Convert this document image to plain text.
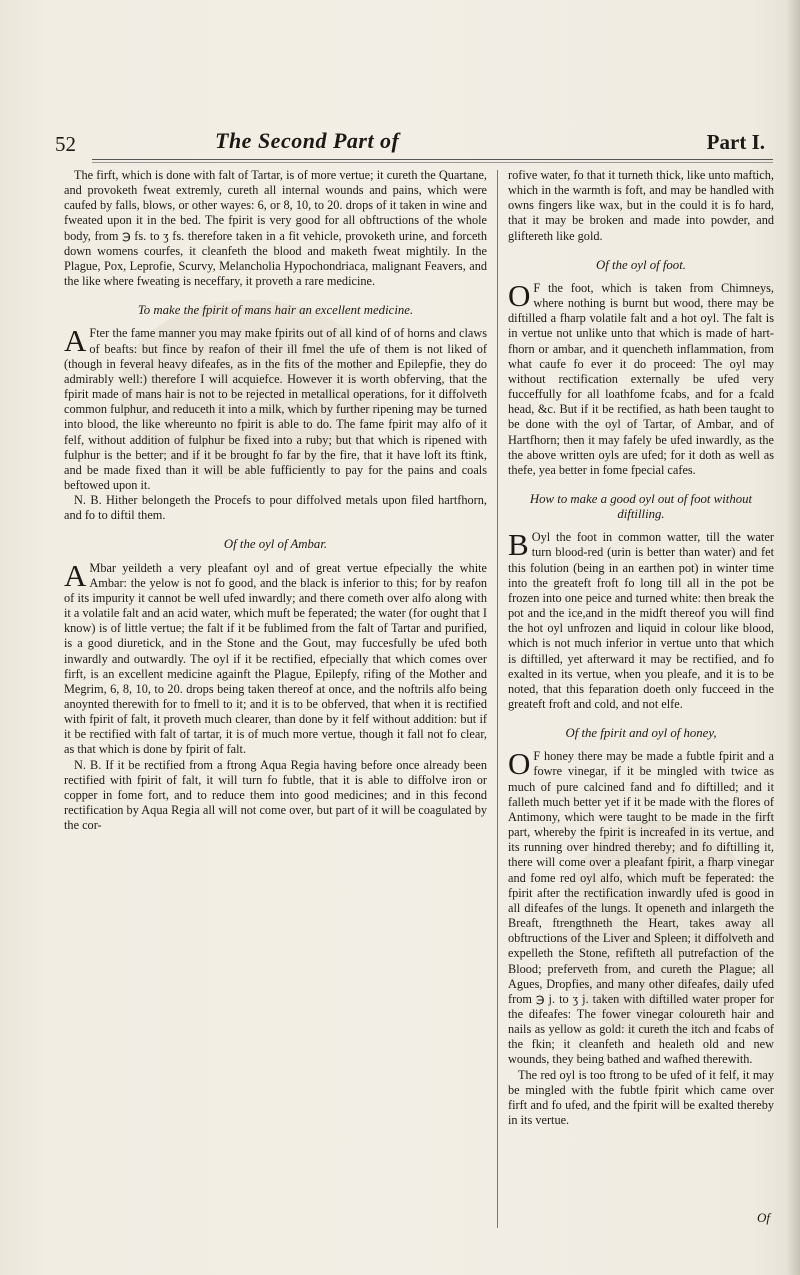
52	The Second Part of	Part I.

The firft, which is done with falt of Tartar, is of more vertue; it cureth the Quartane, and provoketh fweat extremly, cureth all internal wounds and pains, which were caufed by falls, blows, or other wayes: 6, or 8, 10, to 20. drops of it taken in wine and fweated upon it in the bed. The fpirit is very good for all obftructions of the whole body, from ℈ fs. to ʒ fs. therefore taken in a fit vehicle, provoketh urine, and forceth down womens courfes, it cleanfeth the blood and maketh fweat mightily. In the Plague, Pox, Leprofie, Scurvy, Melancholia Hypochondriaca, malignant Feavers, and the like where fweating is neceffary, it proveth a rare medicine.

To make the fpirit of mans hair an excellent medicine.

A Fter the fame manner you may make fpirits out of all kind of of horns and claws of beafts: but fince by reafon of their ill fmel the ufe of them is not liked of (though in feveral heavy difeafes, as in the fits of the mother and Epilepfie, they do admirably well:) therefore I will acquiefce. However it is worth obferving, that the fpirit made of mans hair is not to be rejected in metallical operations, for it diffolveth common fulphur, and reduceth it into a milk, which by further ripening may be turned into blood, the like whereunto no fpirit is able to do. The fame fpirit may alfo of it felf, without addition of fulphur be fixed into a ruby; but that which is ripened with fulphur is the better; and if it be brought fo far by the fire, that it have loft its ftink, and be made fixed than it will be able fufficiently to pay for the pains and coals beftowed upon it.

N. B. Hither belongeth the Procefs to pour diffolved metals upon filed hartfhorn, and fo to diftil them.

Of the oyl of Ambar.

A Mbar yeildeth a very pleafant oyl and of great vertue efpecially the white Ambar: the yelow is not fo good, and the black is inferior to this; for by reafon of its impurity it cannot be well ufed inwardly; and there cometh over alfo along with it a volatile falt and an acid water, which muft be feperated; the water (for ought that I know) is of little vertue; the falt if it be fublimed from the falt of Tartar and purified, is a good diuretick, and in the Stone and the Gout, may fuccesfully be ufed both inwardly and outwardly. The oyl if it be rectified, efpecially that which comes over firft, is an excellent medicine againft the Plague, Epilepfy, rifing of the Mother and Megrim, 6, 8, 10, to 20. drops being taken thereof at once, and the noftrils alfo being anoynted therewith for to fmell to it; and it is to be obferved, that when it is rectified with fpirit of falt, it proveth much clearer, than done by it felf without addition: but if it be rectified with falt of tartar, it is of much more vertue, though it fall not fo clear, as that which is done by fpirit of falt.

N. B. If it be rectified from a ftrong Aqua Regia having before once already been rectified with fpirit of falt, it will turn fo fubtle, that it is able to diffolve iron or copper in fome fort, and to reduce them into good medicines; and in this fecond rectification by Aqua Regia all will not come over, but part of it will be coagulated by the cor-

rofive water, fo that it turneth thick, like unto maftich, which in the warmth is foft, and may be handled with owns fingers like wax, but in the could it is fo hard, that it may be broken and made into powder, and gliftereth like gold.

Of the oyl of foot.

O F the foot, which is taken from Chimneys, where nothing is burnt but wood, there may be diftilled a fharp volatile falt and a hot oyl. The falt is in vertue not unlike unto that which is made of hart-fhorn or ambar, and it quencheth inflammation, from what caufe fo ever it do proceed: The oyl may without rectification externally be ufed very fucceffully for all loathfome fcabs, and for a fcald head, &c. But if it be rectified, as hath been taught to be done with the oyl of Tartar, of Ambar, and of Hartfhorn; then it may fafely be ufed inwardly, as the the above written oyls are ufed; for it doth as well as thefe, yea better in fome fpecial cafes.

How to make a good oyl out of foot without diftilling.

B Oyl the foot in common watter, till the water turn blood-red (urin is better than water) and fet this folution (being in an earthen pot) in winter time into the greateft froft fo long till all in the pot be frozen into one peice and turned white: then break the pot and the ice,and in the midft thereof you will find the hot oyl unfrozen and liquid in colour like blood, which is not much inferior in vertue unto that which is diftilled, yet afterward it may be rectified, and fo exalted in its vertue, when you pleafe, and it is to be noted, that this feparation doeth only fucceed in the greateft froft and cold, and not elfe.

Of the fpirit and oyl of honey,

O F honey there may be made a fubtle fpirit and a fowre vinegar, if it be mingled with twice as much of pure calcined fand and fo diftilled; and it falleth much better yet if it be made with the flores of Antimony, which were taught to be made in the firft part, whereby the fpirit is increafed in its vertue, and its running over hindred thereby; and fo diftilling it, there will come over a pleafant fpirit, a fharp vinegar and fome red oyl alfo, which muft be feperated: the fpirit after the rectification inwardly ufed is good in all difeafes of the lungs. It openeth and inlargeth the Breaft, ftrengthneth the Heart, takes away all obftructions of the Liver and Spleen; it diffolveth and expelleth the Stone, refifteth all putrefaction of the Blood; preferveth from, and cureth the Plague; all Agues, Dropfies, and many other difeafes, daily ufed from ℈ j. to ʒ j. taken with diftilled water proper for the difeafes: The fower vinegar coloureth hair and nails as yellow as gold: it cureth the itch and fcabs of the fkin; it cleanfeth and healeth old and new wounds, they being bathed and wafhed therewith.

The red oyl is too ftrong to be ufed of it felf, it may be mingled with the fubtle fpirit which came over firft and fo ufed, and the fpirit will be exalted thereby in its vertue.

Of
